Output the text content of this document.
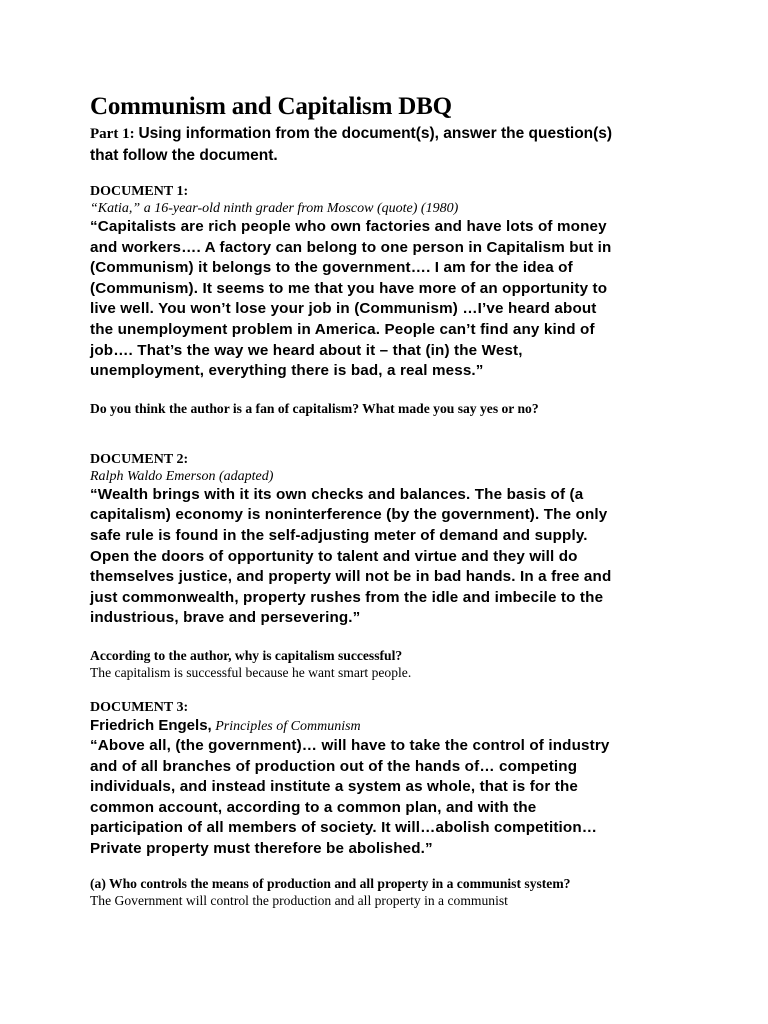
Communism and Capitalism DBQ

Part 1: Using information from the document(s), answer the question(s)
that follow the document.

DOCUMENT 1:

“Katia,” a 16-year-old ninth grader from Moscow (quote) (1980)

“Capitalists are rich people who own factories and have lots of money
and workers…. A factory can belong to one person in Capitalism but in
(Communism) it belongs to the government…. I am for the idea of
(Communism). It seems to me that you have more of an opportunity to
live well. You won’t lose your job in (Communism) …I’ve heard about
the unemployment problem in America. People can’t find any kind of
job…. That’s the way we heard about it – that (in) the West,
unemployment, everything there is bad, a real mess.”

Do you think the author is a fan of capitalism? What made you say yes or no?

DOCUMENT 2:

Ralph Waldo Emerson (adapted)

“Wealth brings with it its own checks and balances. The basis of (a
capitalism) economy is noninterference (by the government). The only
safe rule is found in the self-adjusting meter of demand and supply.
Open the doors of opportunity to talent and virtue and they will do
themselves justice, and property will not be in bad hands. In a free and
just commonwealth, property rushes from the idle and imbecile to the
industrious, brave and persevering.”

According to the author, why is capitalism successful?

The capitalism is successful because he want smart people.

DOCUMENT 3:

Friedrich Engels, Principles of Communism

“Above all, (the government)… will have to take the control of industry
and of all branches of production out of the hands of… competing
individuals, and instead institute a system as whole, that is for the
common account, according to a common plan, and with the
participation of all members of society. It will…abolish competition…
Private property must therefore be abolished.”

(a) Who controls the means of production and all property in a communist system?

The Government will control the production and all property in a communist
